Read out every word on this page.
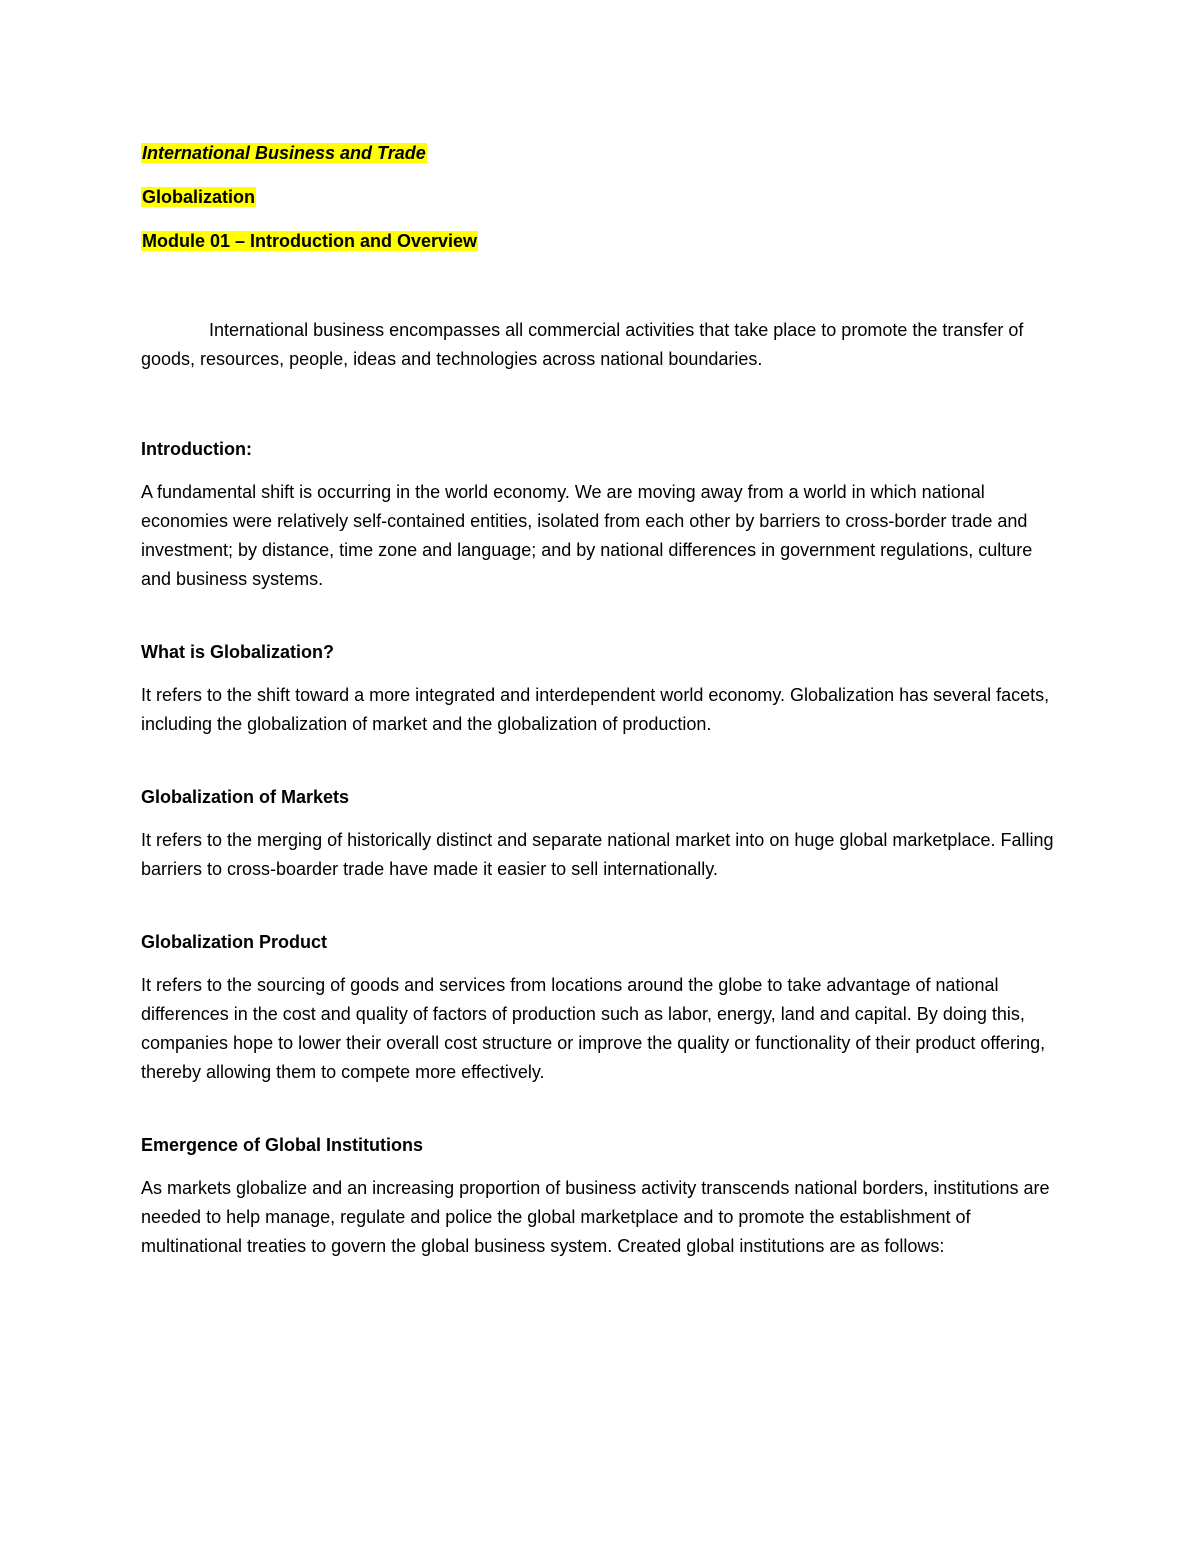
International Business and Trade

Globalization

Module 01 – Introduction and Overview

International business encompasses all commercial activities that take place to promote the transfer of goods, resources, people, ideas and technologies across national boundaries.

Introduction:

A fundamental shift is occurring in the world economy. We are moving away from a world in which national economies were relatively self-contained entities, isolated from each other by barriers to cross-border trade and investment; by distance, time zone and language; and by national differences in government regulations, culture and business systems.

What is Globalization?

It refers to the shift toward a more integrated and interdependent world economy. Globalization has several facets, including the globalization of market and the globalization of production.

Globalization of Markets

It refers to the merging of historically distinct and separate national market into on huge global marketplace. Falling barriers to cross-boarder trade have made it easier to sell internationally.

Globalization Product

It refers to the sourcing of goods and services from locations around the globe to take advantage of national differences in the cost and quality of factors of production such as labor, energy, land and capital. By doing this, companies hope to lower their overall cost structure or improve the quality or functionality of their product offering, thereby allowing them to compete more effectively.

Emergence of Global Institutions

As markets globalize and an increasing proportion of business activity transcends national borders, institutions are needed to help manage, regulate and police the global marketplace and to promote the establishment of multinational treaties to govern the global business system. Created global institutions are as follows:
